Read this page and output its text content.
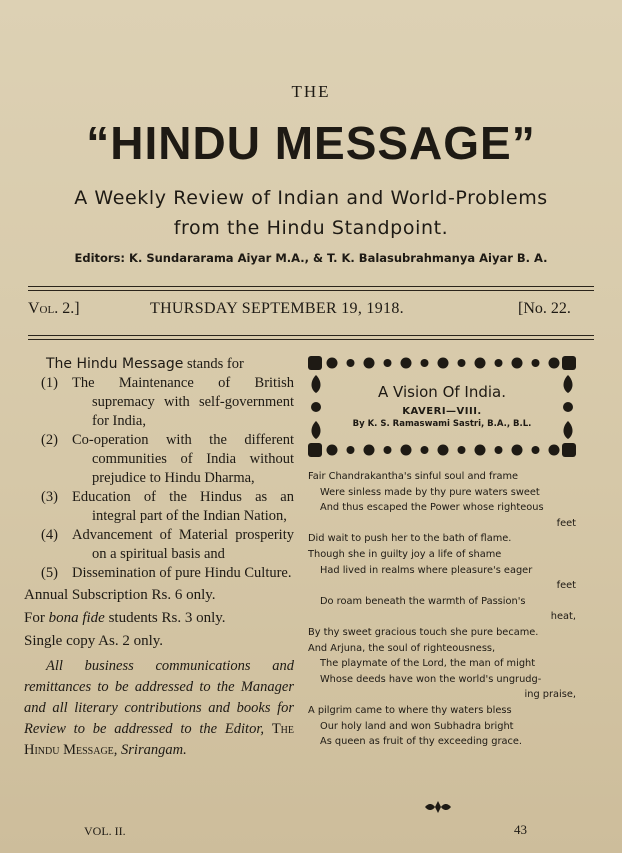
THE
“HINDU MESSAGE”
A Weekly Review of Indian and World-Problems
from the Hindu Standpoint.
Editors: K. Sundararama Aiyar M.A., & T. K. Balasubrahmanya Aiyar B. A.
Vol. 2.]	THURSDAY SEPTEMBER 19, 1918.	[No. 22.
The Hindu Message stands for
(1) The Maintenance of British supremacy with self-government for India,
(2) Co-operation with the different communities of India without prejudice to Hindu Dharma,
(3) Education of the Hindus as an integral part of the Indian Nation,
(4) Advancement of Material prosperity on a spiritual basis and
(5) Dissemination of pure Hindu Culture.
Annual Subscription Rs. 6 only.
For bona fide students Rs. 3 only.
Single copy As. 2 only.
All business communications and remittances to be addressed to the Manager and all literary contributions and books for Review to be addressed to the Editor, The Hindu Message, Srirangam.
A Vision Of India.
KAVERI—VIII.
By K. S. Ramaswami Sastri, B.A., B.L.
Fair Chandrakantha's sinful soul and frame
Were sinless made by thy pure waters sweet
And thus escaped the Power whose righteous
feet
Did wait to push her to the bath of flame.
Though she in guilty joy a life of shame
Had lived in realms where pleasure's eager
feet
Do roam beneath the warmth of Passion's
heat,
By thy sweet gracious touch she pure became.
And Arjuna, the soul of righteousness,
The playmate of the Lord, the man of might
Whose deeds have won the world's ungrudg-
ing praise,
A pilgrim came to where thy waters bless
Our holy land and won Subhadra bright
As queen as fruit of thy exceeding grace.
VOL. II.	43
